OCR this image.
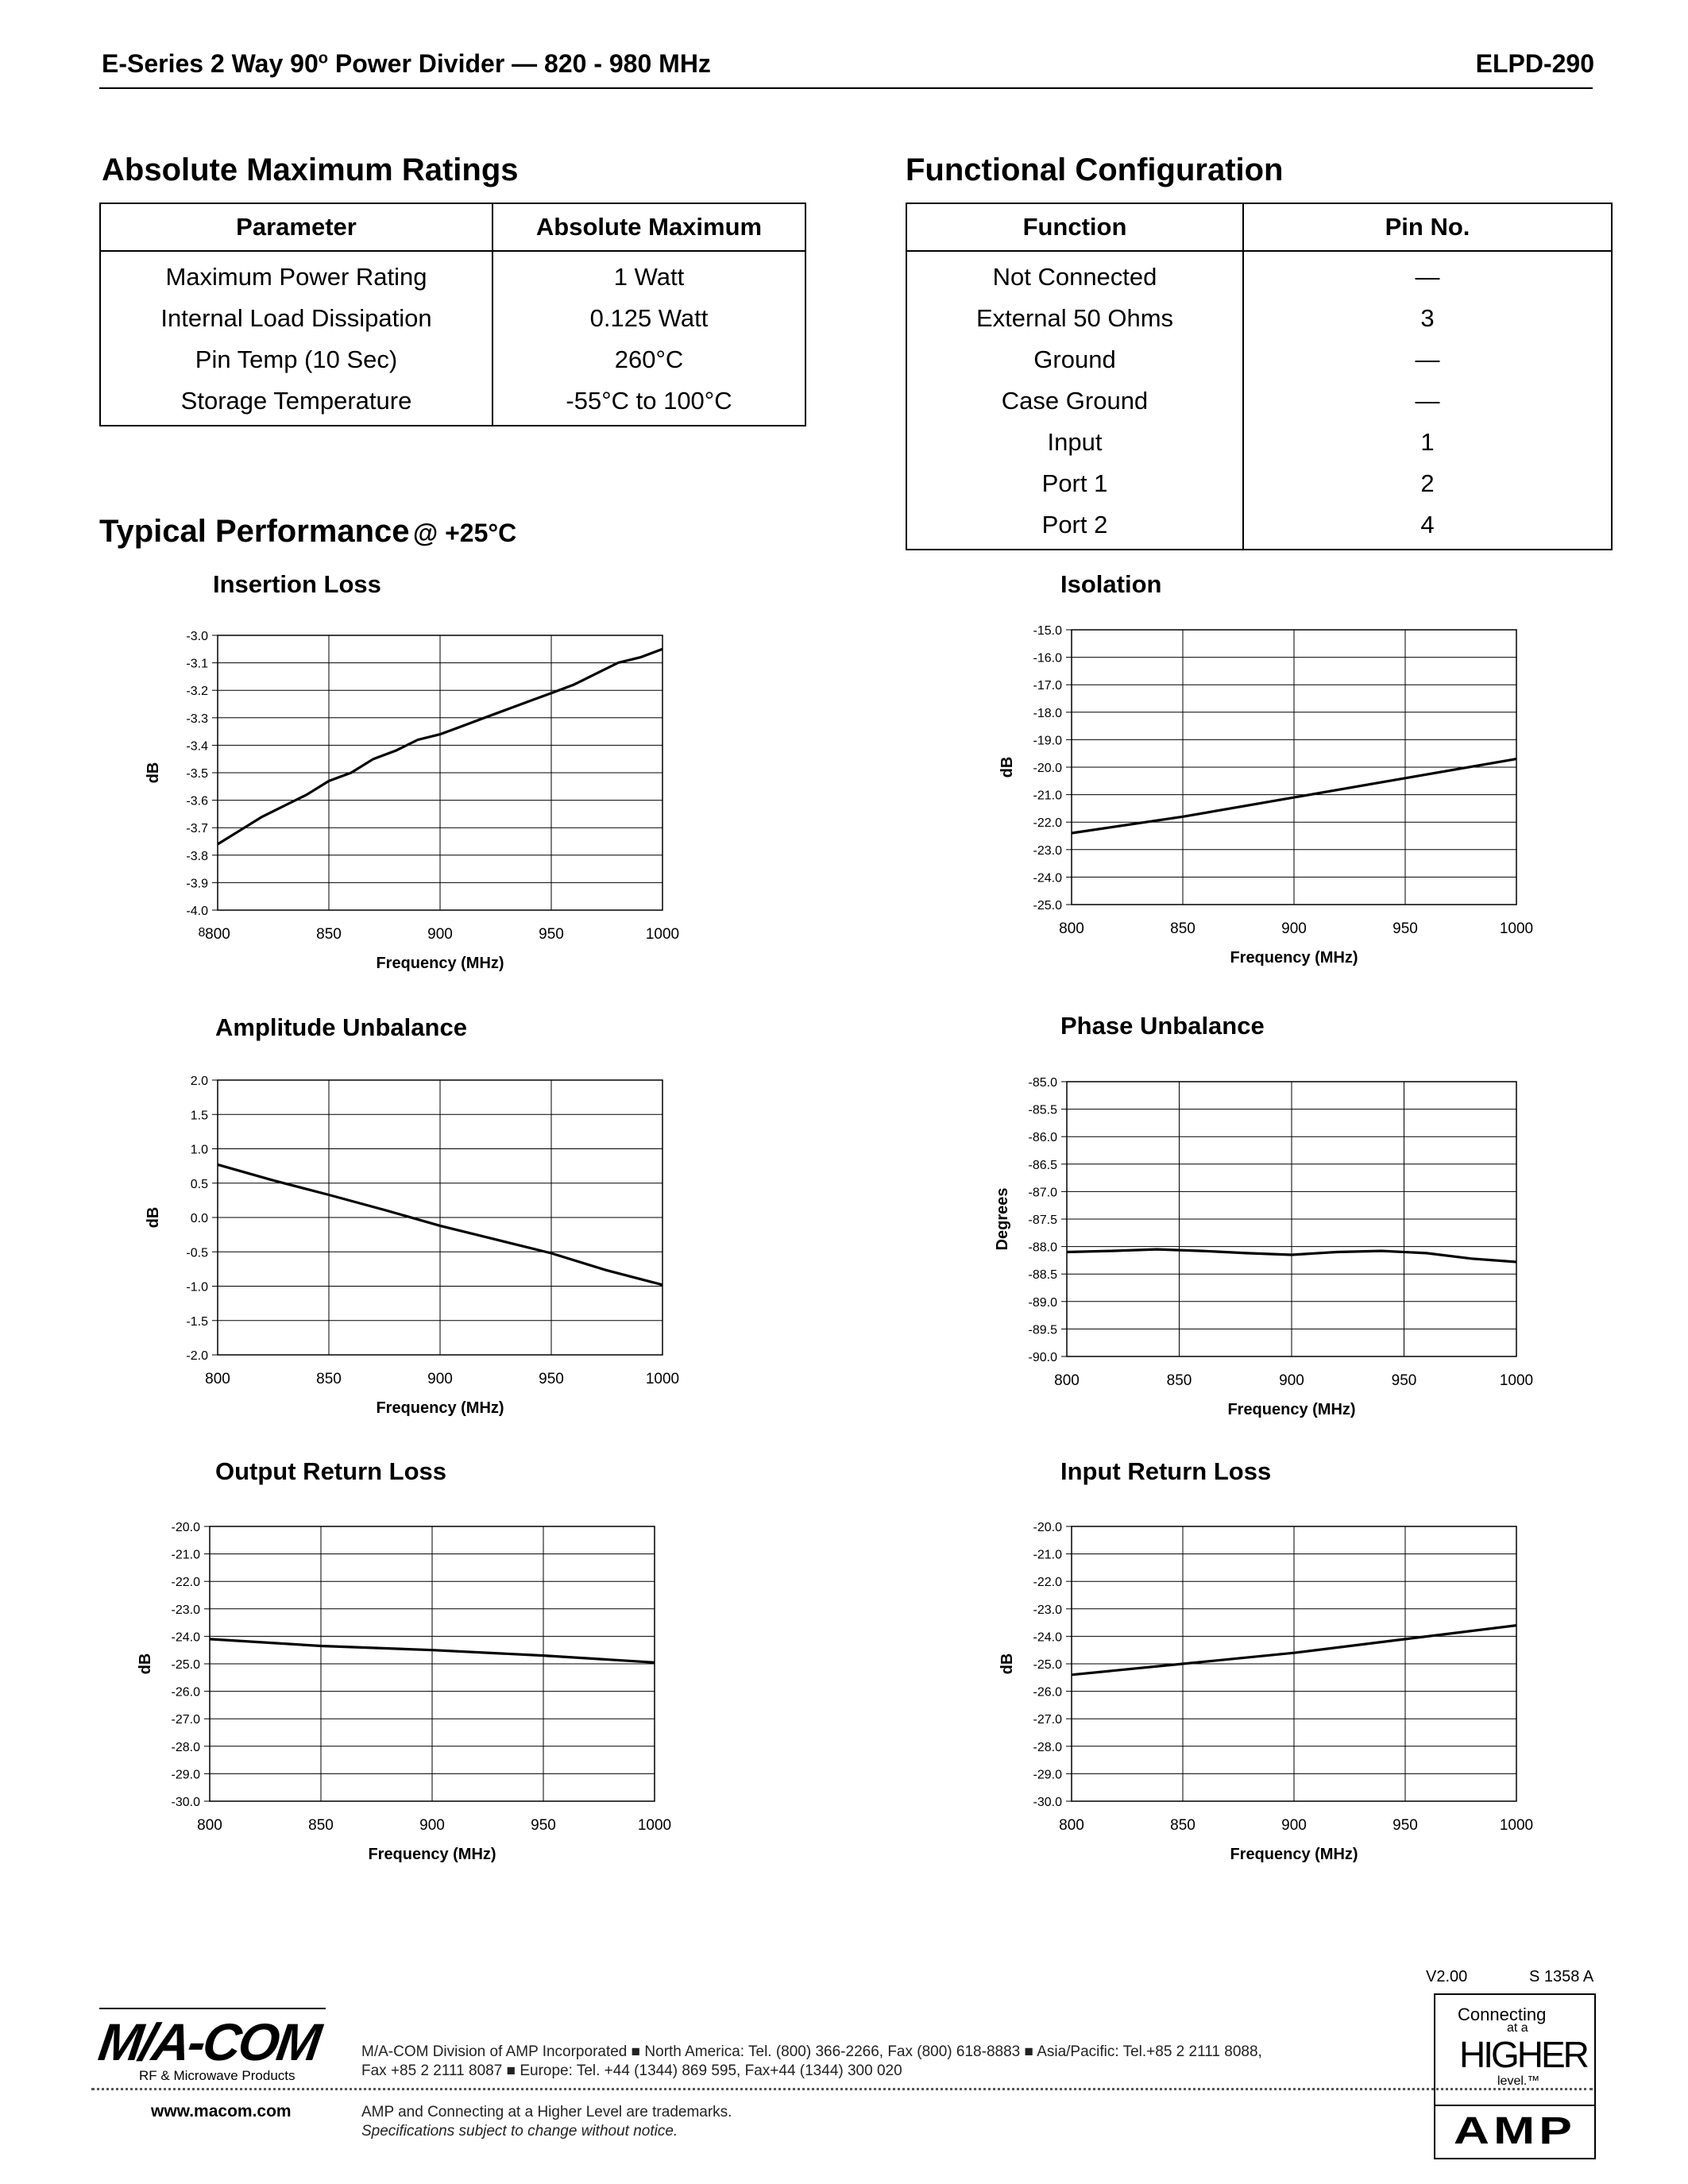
E-Series 2 Way 90$^o$ Power Divider — 820 - 980 MHz	ELPD-290
Absolute Maximum Ratings
Parameter	Absolute Maximum
Maximum Power Rating	1 Watt
Internal Load Dissipation	0.125 Watt
Pin Temp (10 Sec)	260°C
Storage Temperature	-55°C to 100°C
Functional Configuration
Function	Pin No.
Not Connected	—
External 50 Ohms	3
Ground	—
Case Ground	—
Input	1
Port 1	2
Port 2	4
Typical Performance @ +25°C
Insertion Loss	Isolation
Amplitude Unbalance	Phase Unbalance
Output Return Loss	Input Return Loss
-3.0
-3.1
-3.2
-3.3
-3.4
-3.5
-3.6
-3.7
-3.8
-3.9
-4.0
800	850	900	950	1000
8
Frequency (MHz)
dB
-15.0
-16.0
-17.0
-18.0
-19.0
-20.0
-21.0
-22.0
-23.0
-24.0
-25.0
800	850	900	950	1000
Frequency (MHz)
dB
2.0
1.5
1.0
0.5
0.0
-0.5
-1.0
-1.5
-2.0
800	850	900	950	1000
Frequency (MHz)
dB
-85.0
-85.5
-86.0
-86.5
-87.0
-87.5
-88.0
-88.5
-89.0
-89.5
-90.0
800	850	900	950	1000
Frequency (MHz)
Degrees
-20.0
-21.0
-22.0
-23.0
-24.0
-25.0
-26.0
-27.0
-28.0
-29.0
-30.0
800	850	900	950	1000
Frequency (MHz)
dB
-20.0
-21.0
-22.0
-23.0
-24.0
-25.0
-26.0
-27.0
-28.0
-29.0
-30.0
800	850	900	950	1000
Frequency (MHz)
dB
V2.00	S 1358 A
M/A-COM
RF & Microwave Products
M/A-COM Division of AMP Incorporated ■ North America: Tel. (800) 366-2266, Fax (800) 618-8883 ■ Asia/Pacific: Tel.+85 2 2111 8088,
Fax +85 2 2111 8087 ■ Europe: Tel. +44 (1344) 869 595, Fax+44 (1344) 300 020
www.macom.com	AMP and Connecting at a Higher Level are trademarks.
Specifications subject to change without notice.
Connecting
at a
HIGHER
level.™
AMP
